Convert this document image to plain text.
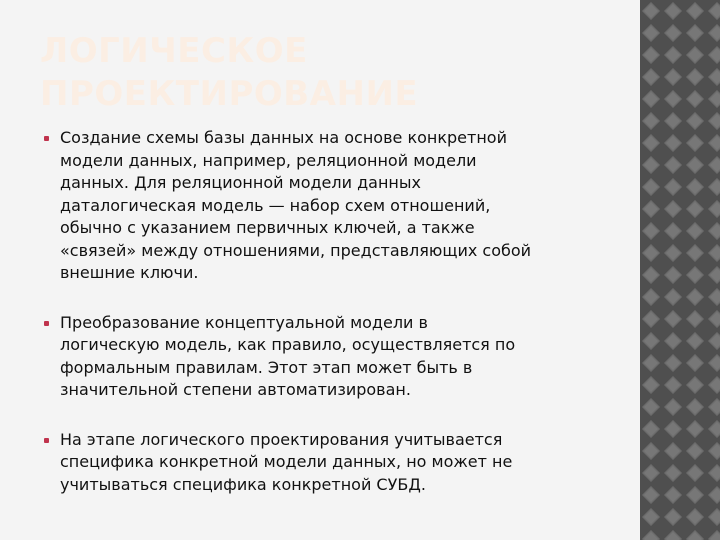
ЛОГИЧЕСКОЕ
ПРОЕКТИРОВАНИЕ
Создание схемы базы данных на основе конкретной
модели данных, например, реляционной модели
данных. Для реляционной модели данных
даталогическая модель — набор схем отношений,
обычно с указанием первичных ключей, а также
«связей» между отношениями, представляющих собой
внешние ключи.
Преобразование концептуальной модели в
логическую модель, как правило, осуществляется по
формальным правилам. Этот этап может быть в
значительной степени автоматизирован.
На этапе логического проектирования учитывается
специфика конкретной модели данных, но может не
учитываться специфика конкретной СУБД.
